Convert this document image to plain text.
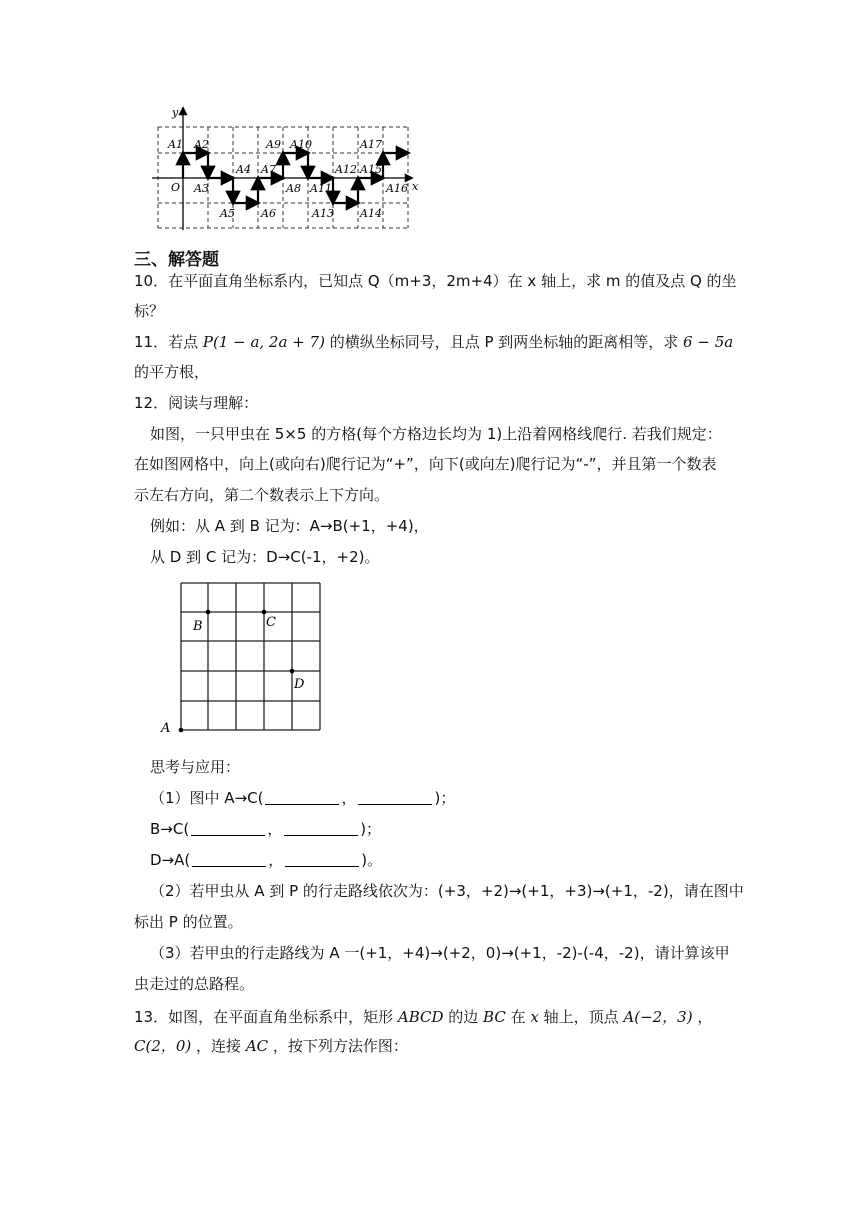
y
x
O
A1 A2
A3
A4
A5 A6
A7
A8
A9 A10
A11
A12
A13 A14
A15
A16
A17
三、解答题
10．在平面直角坐标系内，已知点 Q（m+3，2m+4）在 x 轴上，求 m 的值及点 Q 的坐
标？
11．若点 P(1 − a, 2a + 7) 的横纵坐标同号，且点 P 到两坐标轴的距离相等，求 6 − 5a
的平方根，
12．阅读与理解：
如图，一只甲虫在 5×5 的方格(每个方格边长均为 1)上沿着网格线爬行. 若我们规定：
在如图网格中，向上(或向右)爬行记为“+”，向下(或向左)爬行记为“-”，并且第一个数表
示左右方向，第二个数表示上下方向。
例如：从 A 到 B 记为：A→B(+1，+4)，
从 D 到 C 记为：D→C(-1，+2)。
A
B	C
D
思考与应用：
（1）图中 A→C(	，	)；
B→C(	，	)；
D→A(	，	)。
（2）若甲虫从 A 到 P 的行走路线依次为：(+3，+2)→(+1，+3)→(+1，-2)，请在图中
标出 P 的位置。
（3）若甲虫的行走路线为 A 一(+1，+4)→(+2，0)→(+1，-2)-(-4，-2)，请计算该甲
虫走过的总路程。
13．如图，在平面直角坐标系中，矩形 ABCD 的边 BC 在 x 轴上，顶点 A(−2，3) ，
C(2，0) ，连接 AC ，按下列方法作图：
